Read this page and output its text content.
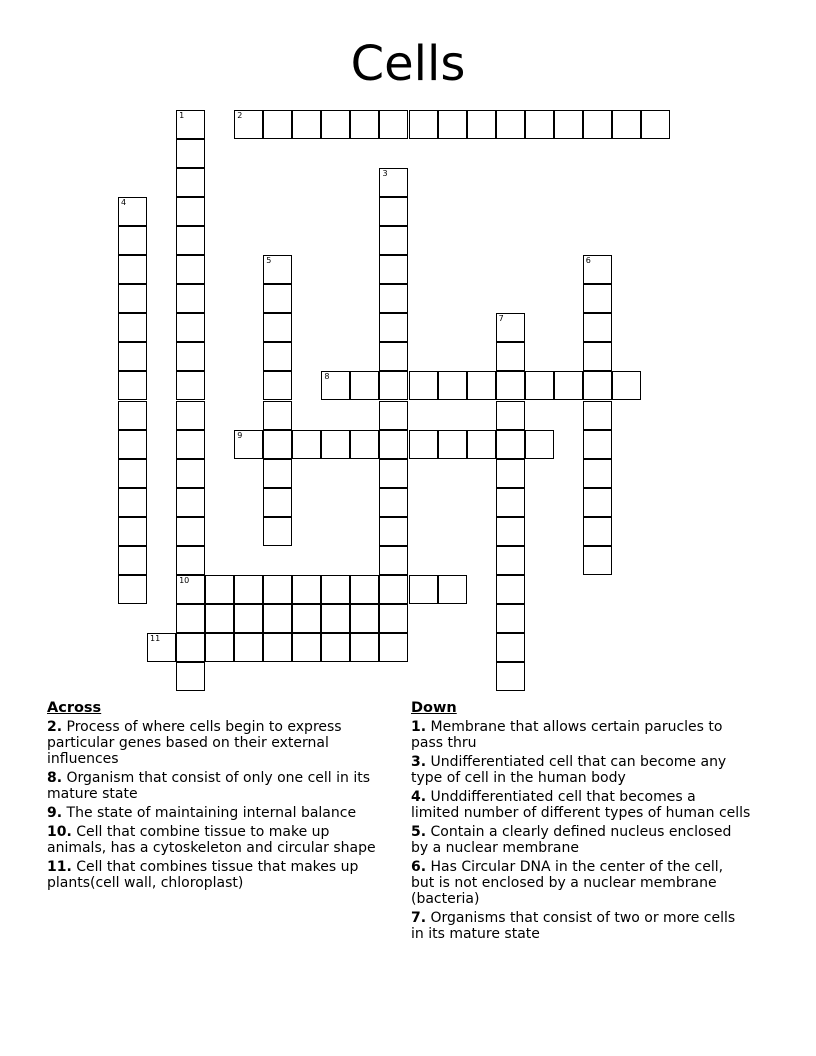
Cells
1	2
3
4
5	6
7
8
9
10
11
Across
2. Process of where cells begin to express
particular genes based on their external
influences
8. Organism that consist of only one cell in its
mature state
9. The state of maintaining internal balance
10. Cell that combine tissue to make up
animals, has a cytoskeleton and circular shape
11. Cell that combines tissue that makes up
plants(cell wall, chloroplast)
Down
1. Membrane that allows certain parucles to
pass thru
3. Undifferentiated cell that can become any
type of cell in the human body
4. Unddifferentiated cell that becomes a
limited number of different types of human cells
5. Contain a clearly defined nucleus enclosed
by a nuclear membrane
6. Has Circular DNA in the center of the cell,
but is not enclosed by a nuclear membrane
(bacteria)
7. Organisms that consist of two or more cells
in its mature state
